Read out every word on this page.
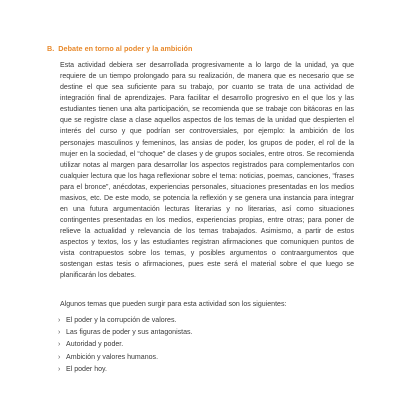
B. Debate en torno al poder y la ambición

Esta actividad debiera ser desarrollada progresivamente a lo largo de la unidad, ya que requiere de un tiempo prolongado para su realización, de manera que es necesario que se destine el que sea suficiente para su trabajo, por cuanto se trata de una actividad de integración final de aprendizajes. Para facilitar el desarrollo progresivo en el que los y las estudiantes tienen una alta participación, se recomienda que se trabaje con bitácoras en las que se registre clase a clase aquellos aspectos de los temas de la unidad que despierten el interés del curso y que podrían ser controversiales, por ejemplo: la ambición de los personajes masculinos y femeninos, las ansias de poder, los grupos de poder, el rol de la mujer en la sociedad, el “choque” de clases y de grupos sociales, entre otros. Se recomienda utilizar notas al margen para desarrollar los aspectos registrados para complementarlos con cualquier lectura que los haga reflexionar sobre el tema: noticias, poemas, canciones, “frases para el bronce”, anécdotas, experiencias personales, situaciones presentadas en los medios masivos, etc. De este modo, se potencia la reflexión y se genera una instancia para integrar en una futura argumentación lecturas literarias y no literarias, así como situaciones contingentes presentadas en los medios, experiencias propias, entre otras; para poner de relieve la actualidad y relevancia de los temas trabajados. Asimismo, a partir de estos aspectos y textos, los y las estudiantes registran afirmaciones que comuniquen puntos de vista contrapuestos sobre los temas, y posibles argumentos o contraargumentos que sostengan estas tesis o afirmaciones, pues este será el material sobre el que luego se planificarán los debates.

Algunos temas que pueden surgir para esta actividad son los siguientes:

› El poder y la corrupción de valores.
› Las figuras de poder y sus antagonistas.
› Autoridad y poder.
› Ambición y valores humanos.
› El poder hoy.
